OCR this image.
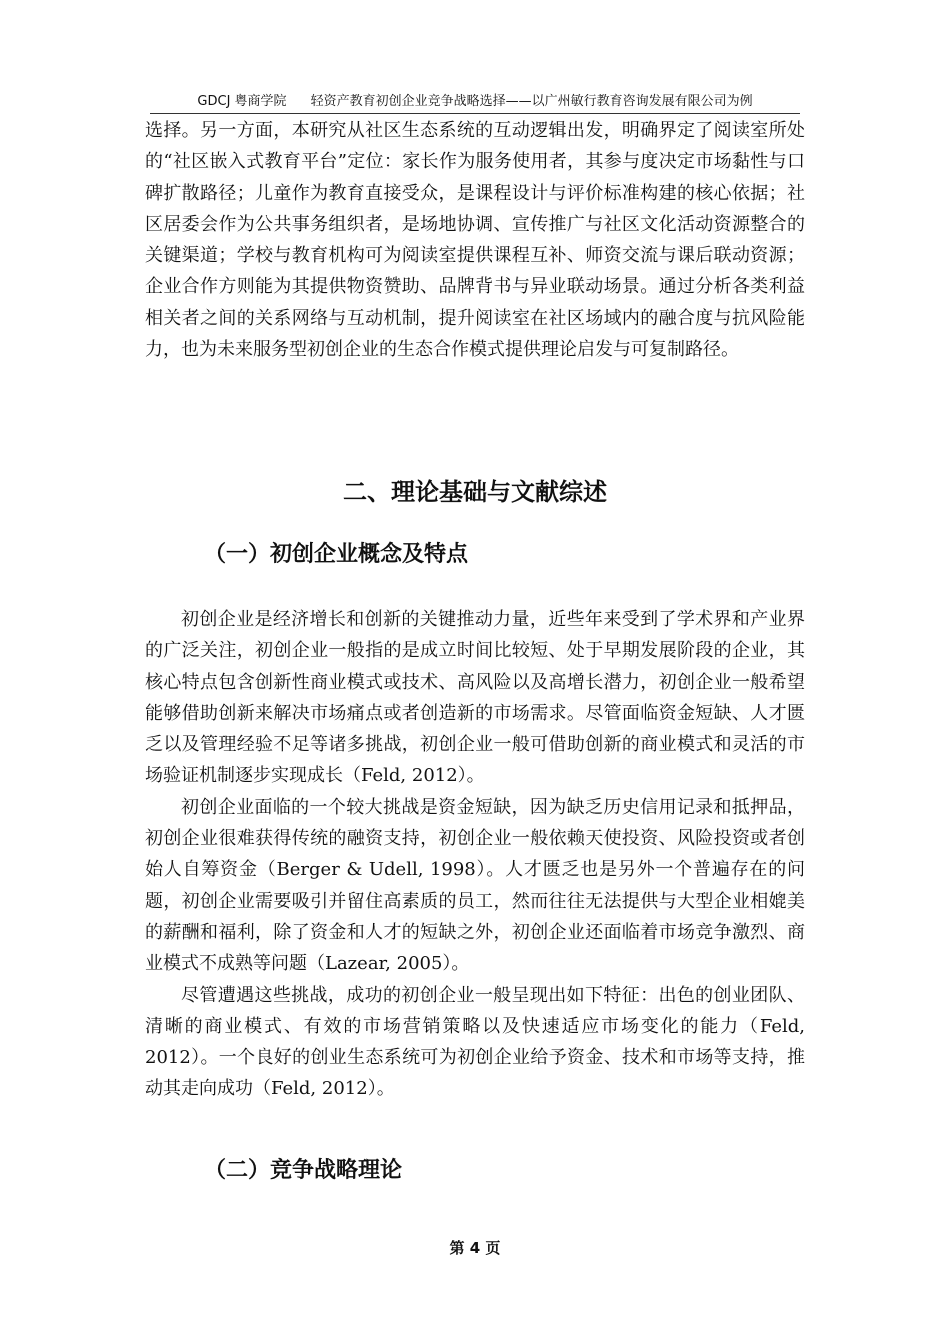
GDCJ 粤商学院 轻资产教育初创企业竞争战略选择——以广州敏行教育咨询发展有限公司为例

选择。另一方面，本研究从社区生态系统的互动逻辑出发，明确界定了阅读室所处的“社区嵌入式教育平台”定位：家长作为服务使用者，其参与度决定市场黏性与口碑扩散路径；儿童作为教育直接受众，是课程设计与评价标准构建的核心依据；社区居委会作为公共事务组织者，是场地协调、宣传推广与社区文化活动资源整合的关键渠道；学校与教育机构可为阅读室提供课程互补、师资交流与课后联动资源；企业合作方则能为其提供物资赞助、品牌背书与异业联动场景。通过分析各类利益相关者之间的关系网络与互动机制，提升阅读室在社区场域内的融合度与抗风险能力，也为未来服务型初创企业的生态合作模式提供理论启发与可复制路径。

二、理论基础与文献综述
（一）初创企业概念及特点

初创企业是经济增长和创新的关键推动力量，近些年来受到了学术界和产业界的广泛关注，初创企业一般指的是成立时间比较短、处于早期发展阶段的企业，其核心特点包含创新性商业模式或技术、高风险以及高增长潜力，初创企业一般希望能够借助创新来解决市场痛点或者创造新的市场需求。尽管面临资金短缺、人才匮乏以及管理经验不足等诸多挑战，初创企业一般可借助创新的商业模式和灵活的市场验证机制逐步实现成长（Feld, 2012）。

初创企业面临的一个较大挑战是资金短缺，因为缺乏历史信用记录和抵押品，初创企业很难获得传统的融资支持，初创企业一般依赖天使投资、风险投资或者创始人自筹资金（Berger & Udell, 1998）。人才匮乏也是另外一个普遍存在的问题，初创企业需要吸引并留住高素质的员工，然而往往无法提供与大型企业相媲美的薪酬和福利，除了资金和人才的短缺之外，初创企业还面临着市场竞争激烈、商业模式不成熟等问题（Lazear, 2005）。

尽管遭遇这些挑战，成功的初创企业一般呈现出如下特征：出色的创业团队、清晰的商业模式、有效的市场营销策略以及快速适应市场变化的能力（Feld, 2012）。一个良好的创业生态系统可为初创企业给予资金、技术和市场等支持，推动其走向成功（Feld, 2012）。

（二）竞争战略理论
第 4 页
